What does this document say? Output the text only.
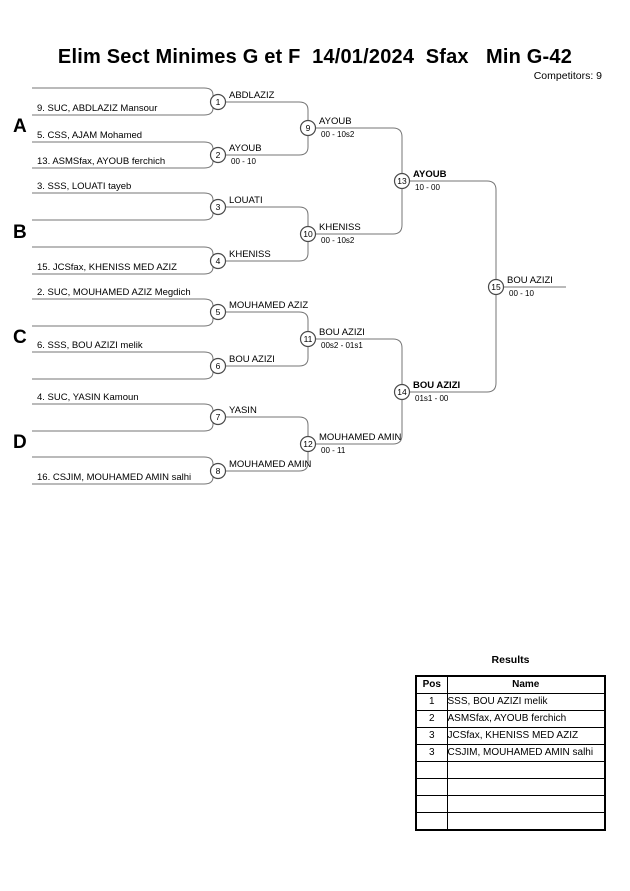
Elim Sect Minimes G et F  14/01/2024  Sfax   Min G-42
Competitors: 9
A
B
C
D
9. SUC, ABDLAZIZ Mansour
5. CSS, AJAM Mohamed
13. ASMSfax, AYOUB ferchich
3. SSS, LOUATI tayeb
15. JCSfax, KHENISS MED AZIZ
2. SUC, MOUHAMED AZIZ Megdich
6. SSS, BOU AZIZI melik
4. SUC, YASIN Kamoun
16. CSJIM, MOUHAMED AMIN salhi
1
2
3
4
5
6
7
8
ABDLAZIZ
AYOUB
00 - 10
LOUATI
KHENISS
MOUHAMED AZIZ
BOU AZIZI
YASIN
MOUHAMED AMIN
9
AYOUB
00 - 10s2
10
KHENISS
00 - 10s2
11
BOU AZIZI
00s2 - 01s1
12
MOUHAMED AMIN
00 - 11
13
AYOUB
10 - 00
14
BOU AZIZI
01s1 - 00
15
BOU AZIZI
00 - 10
Results
Pos	Name
1	SSS, BOU AZIZI melik
2	ASMSfax, AYOUB ferchich
3	JCSfax, KHENISS MED AZIZ
3	CSJIM, MOUHAMED AMIN salhi
